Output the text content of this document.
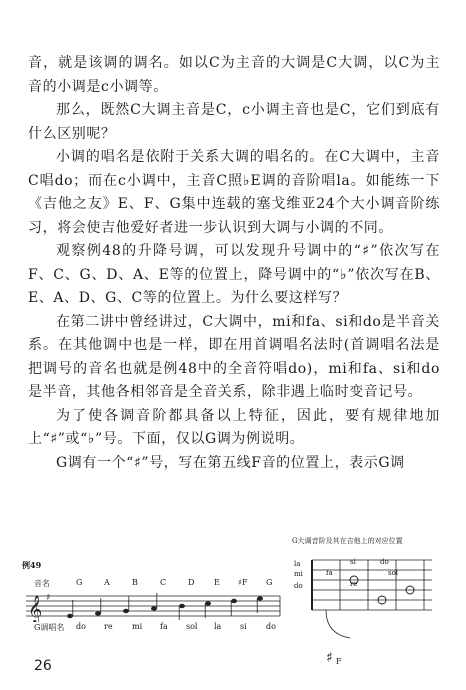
音，就是该调的调名。如以C为主音的大调是C大调，以C为主音的小调是c小调等。

那么，既然C大调主音是C，c小调主音也是C，它们到底有什么区别呢？

小调的唱名是依附于关系大调的唱名的。在C大调中，主音C唱do；而在c小调中，主音C照♭E调的音阶唱la。如能练一下《吉他之友》E、F、G集中连载的塞戈维亚24个大小调音阶练习，将会使吉他爱好者进一步认识到大调与小调的不同。

观察例48的升降号调，可以发现升号调中的“♯”依次写在F、C、G、D、A、E等的位置上，降号调中的“♭”依次写在B、E、A、D、G、C等的位置上。为什么要这样写？

在第二讲中曾经讲过，C大调中，mi和fa、si和do是半音关系。在其他调中也是一样，即在用首调唱名法时(首调唱名法是把调号的音名也就是例48中的全音符唱do)，mi和fa、si和do是半音，其他各相邻音是全音关系，除非遇上临时变音记号。

为了使各调音阶都具备以上特征，因此，要有规律地加上“♯”或“♭”号。下面，仅以G调为例说明。

G调有一个“♯”号，写在第五线F音的位置上，表示G调

例49
音名	G	A	B	C	D E ♯F G
𝄞 ♯
G调唱名 do re mi fa sol la si do
G大调音阶及其在吉他上的对应位置
♯ F
la
mi
do
si	do
fa	sol
re
26
